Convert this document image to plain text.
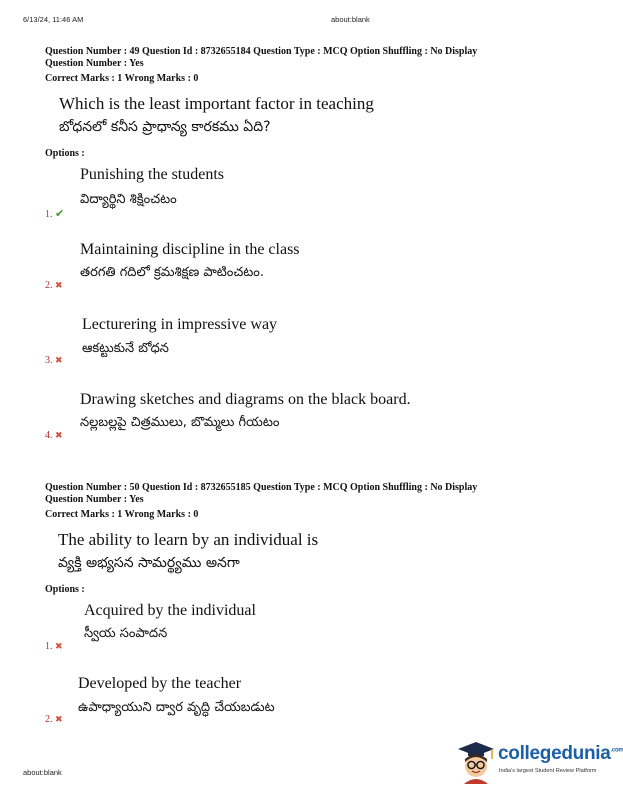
6/13/24, 11:46 AM	about:blank
Question Number : 49 Question Id : 8732655184 Question Type : MCQ Option Shuffling : No Display
Question Number : Yes
Correct Marks : 1 Wrong Marks : 0
Which is the least important factor in teaching
బోధనలో కనీస ప్రాధాన్య కారకము ఏది?
Options :
Punishing the students
విద్యార్థిని శిక్షించటం
1. ✔
Maintaining discipline in the class
తరగతి గదిలో క్రమశిక్షణ పాటించటం.
2. ✖
Lecturering in impressive way
ఆకట్టుకునే బోధన
3. ✖
Drawing sketches and diagrams on the black board.
నల్లబల్లపై చిత్రములు, బొమ్మలు గీయటం
4. ✖
Question Number : 50 Question Id : 8732655185 Question Type : MCQ Option Shuffling : No Display
Question Number : Yes
Correct Marks : 1 Wrong Marks : 0
The ability to learn by an individual is
వ్యక్తి అభ్యసన సామర్థ్యము అనగా
Options :
Acquired by the individual
స్వీయ సంపాదన
1. ✖
Developed by the teacher
ఉపాధ్యాయుని ద్వార వృద్ధి చేయబడుట
2. ✖
about:blank
collegedunia$^{.com}$
India's largest Student Review Platform
